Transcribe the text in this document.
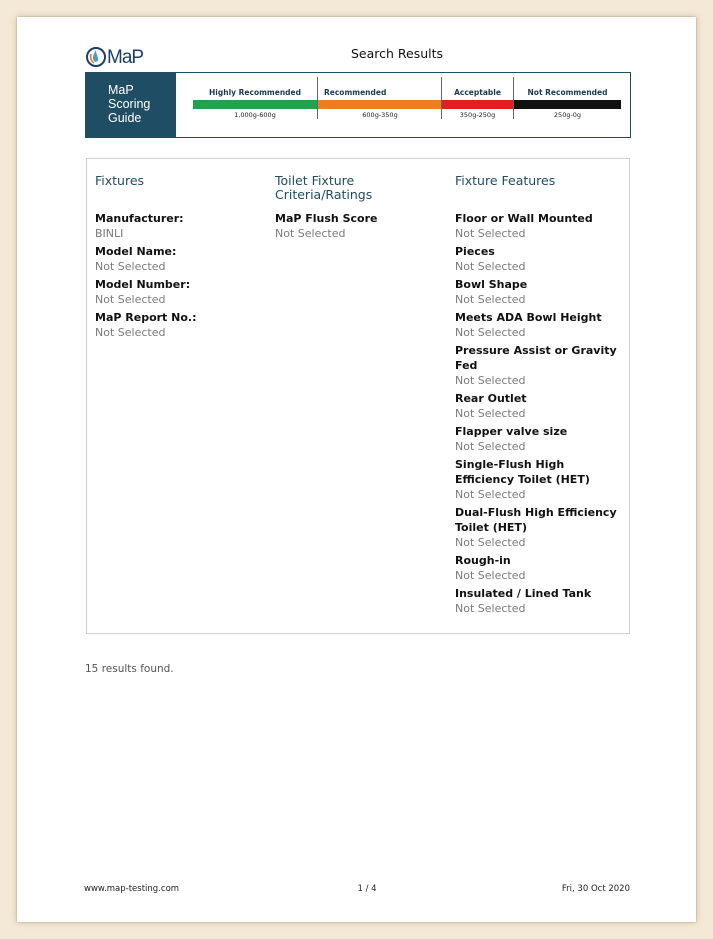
MaP	Search Results
MaP
Scoring
Guide
Highly Recommended
1,000g-600g
Recommended
600g-350g
Acceptable
350g-250g
Not Recommended
250g-0g
Fixtures
Manufacturer:
BINLI
Model Name:
Not Selected
Model Number:
Not Selected
MaP Report No.:
Not Selected
Toilet Fixture
Criteria/Ratings
MaP Flush Score
Not Selected
Fixture Features
Floor or Wall Mounted
Not Selected
Pieces
Not Selected
Bowl Shape
Not Selected
Meets ADA Bowl Height
Not Selected
Pressure Assist or Gravity Fed
Not Selected
Rear Outlet
Not Selected
Flapper valve size
Not Selected
Single-Flush High Efficiency Toilet (HET)
Not Selected
Dual-Flush High Efficiency Toilet (HET)
Not Selected
Rough-in
Not Selected
Insulated / Lined Tank
Not Selected
15 results found.
www.map-testing.com	1 / 4	Fri, 30 Oct 2020
